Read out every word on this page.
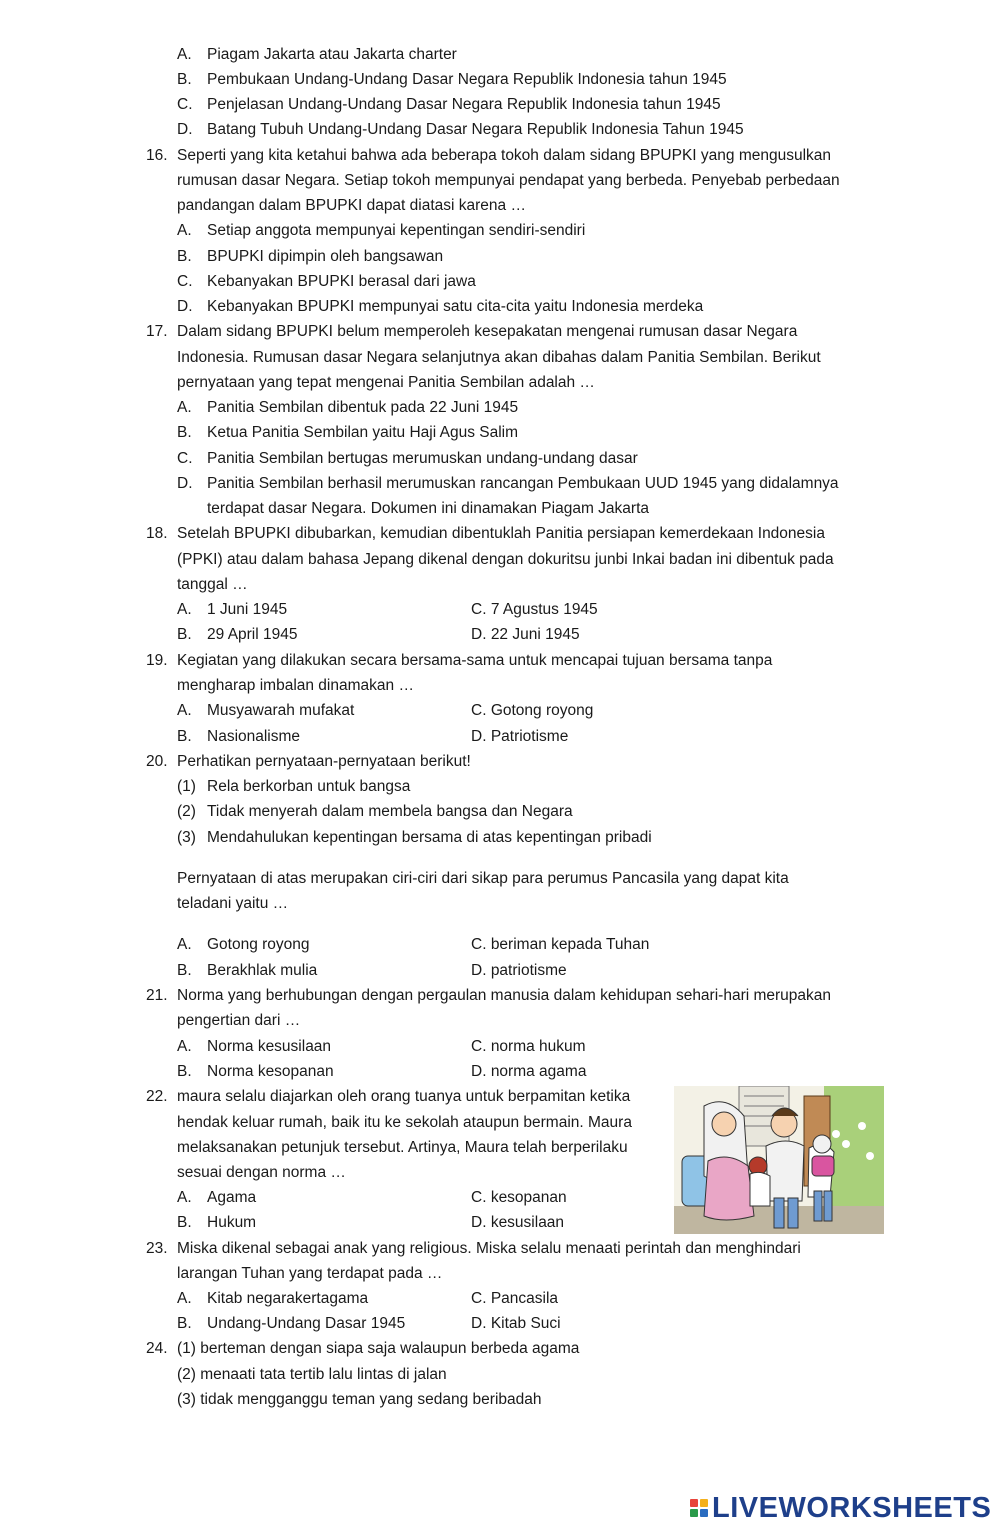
A. Piagam Jakarta atau Jakarta charter
B. Pembukaan Undang-Undang Dasar Negara Republik Indonesia tahun 1945
C. Penjelasan Undang-Undang Dasar Negara Republik Indonesia tahun 1945
D. Batang Tubuh Undang-Undang Dasar Negara Republik Indonesia Tahun 1945
16. Seperti yang kita ketahui bahwa ada beberapa tokoh dalam sidang BPUPKI yang mengusulkan
rumusan dasar Negara. Setiap tokoh mempunyai pendapat yang berbeda. Penyebab perbedaan
pandangan dalam BPUPKI dapat diatasi karena …
A. Setiap anggota mempunyai kepentingan sendiri-sendiri
B. BPUPKI dipimpin oleh bangsawan
C. Kebanyakan BPUPKI berasal dari jawa
D. Kebanyakan BPUPKI mempunyai satu cita-cita yaitu Indonesia merdeka
17. Dalam sidang BPUPKI belum memperoleh kesepakatan mengenai rumusan dasar Negara
Indonesia. Rumusan dasar Negara selanjutnya akan dibahas dalam Panitia Sembilan. Berikut
pernyataan yang tepat mengenai Panitia Sembilan adalah …
A. Panitia Sembilan dibentuk pada 22 Juni 1945
B. Ketua Panitia Sembilan yaitu Haji Agus Salim
C. Panitia Sembilan bertugas merumuskan undang-undang dasar
D. Panitia Sembilan berhasil merumuskan rancangan Pembukaan UUD 1945 yang didalamnya
terdapat dasar Negara. Dokumen ini dinamakan Piagam Jakarta
18. Setelah BPUPKI dibubarkan, kemudian dibentuklah Panitia persiapan kemerdekaan Indonesia
(PPKI) atau dalam bahasa Jepang dikenal dengan dokuritsu junbi Inkai badan ini dibentuk pada
tanggal …
A. 1 Juni 1945	C. 7 Agustus 1945
B. 29 April 1945	D. 22 Juni 1945
19. Kegiatan yang dilakukan secara bersama-sama untuk mencapai tujuan bersama tanpa
mengharap imbalan dinamakan …
A. Musyawarah mufakat	C. Gotong royong
B. Nasionalisme	D. Patriotisme
20. Perhatikan pernyataan-pernyataan berikut!
(1) Rela berkorban untuk bangsa
(2) Tidak menyerah dalam membela bangsa dan Negara
(3) Mendahulukan kepentingan bersama di atas kepentingan pribadi
Pernyataan di atas merupakan ciri-ciri dari sikap para perumus Pancasila yang dapat kita
teladani yaitu …
A. Gotong royong	C. beriman kepada Tuhan
B. Berakhlak mulia	D. patriotisme
21. Norma yang berhubungan dengan pergaulan manusia dalam kehidupan sehari-hari merupakan
pengertian dari …
A. Norma kesusilaan	C. norma hukum
B. Norma kesopanan	D. norma agama
22. maura selalu diajarkan oleh orang tuanya untuk berpamitan ketika
hendak keluar rumah, baik itu ke sekolah ataupun bermain. Maura
melaksanakan petunjuk tersebut. Artinya, Maura telah berperilaku
sesuai dengan norma …
A. Agama	C. kesopanan
B. Hukum	D. kesusilaan
23. Miska dikenal sebagai anak yang religious. Miska selalu menaati perintah dan menghindari
larangan Tuhan yang terdapat pada …
A. Kitab negarakertagama	C. Pancasila
B. Undang-Undang Dasar 1945	D. Kitab Suci
24. (1) berteman dengan siapa saja walaupun berbeda agama
(2) menaati tata tertib lalu lintas di jalan
(3) tidak mengganggu teman yang sedang beribadah
LIVEWORKSHEETS
